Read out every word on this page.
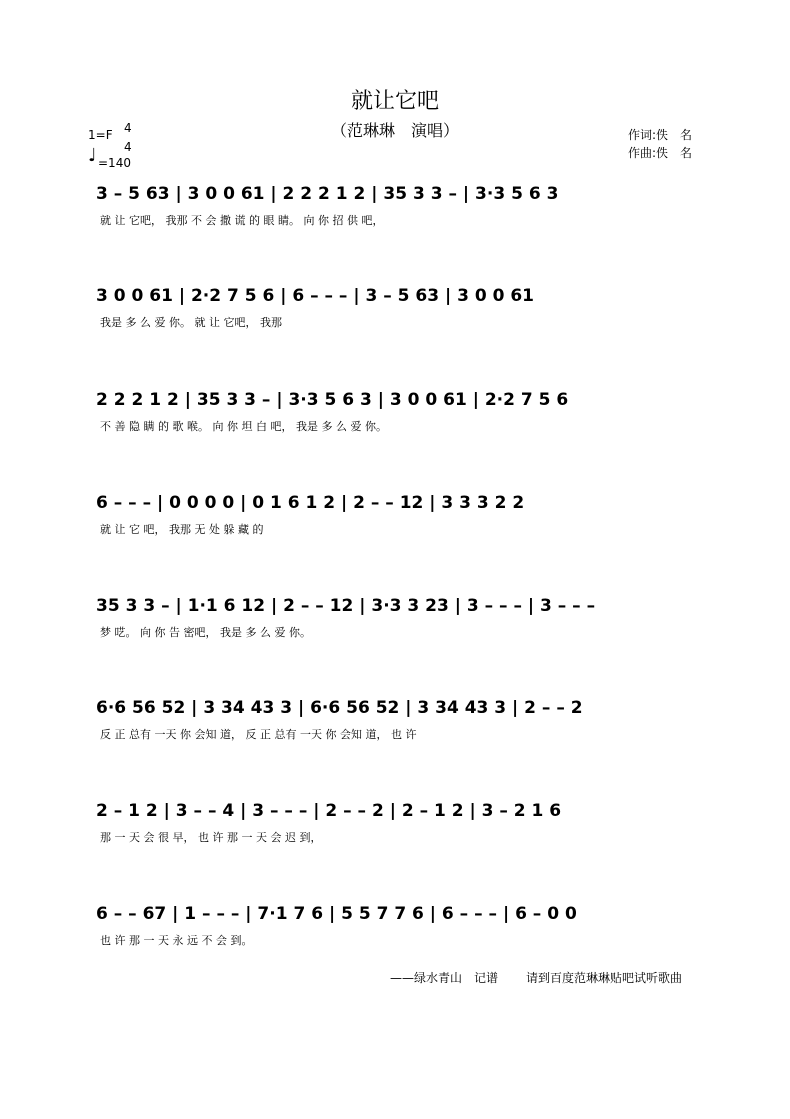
就让它吧
（范琳琳　演唱）
1=F 4
4
♩ =140
作词:佚　名
作曲:佚　名
3 – 5 63 | 3 0 0 61 | 2 2 2 1 2 | 35 3 3 – | 3·3 5 6 3
就 让 它吧， 我那 不 会 撒 谎 的 眼 睛。 向 你 招 供 吧，
3 0 0 61 | 2·2 7 5 6 | 6 – – – | 3 – 5 63 | 3 0 0 61
我是 多 么 爱 你。 就 让 它吧， 我那
2 2 2 1 2 | 35 3 3 – | 3·3 5 6 3 | 3 0 0 61 | 2·2 7 5 6
不 善 隐 瞒 的 歌 喉。 向 你 坦 白 吧， 我是 多 么 爱 你。
6 – – – | 0 0 0 0 | 0 1 6 1 2 | 2 – – 12 | 3 3 3 2 2
就 让 它 吧， 我那 无 处 躲 藏 的
35 3 3 – | 1·1 6 12 | 2 – – 12 | 3·3 3 23 | 3 – – – | 3 – – –
梦 呓。 向 你 告 密吧， 我是 多 么 爱 你。
6·6 56 52 | 3 34 43 3 | 6·6 56 52 | 3 34 43 3 | 2 – – 2
反 正 总有 一天 你 会知 道， 反 正 总有 一天 你 会知 道， 也 许
2 – 1 2 | 3 – – 4 | 3 – – – | 2 – – 2 | 2 – 1 2 | 3 – 2 1 6
那 一 天 会 很 早， 也 许 那 一 天 会 迟 到，
6 – – 67 | 1 – – – | 7·1 7 6 | 5 5 7 7 6 | 6 – – – | 6 – 0 0
也 许 那 一 天 永 远 不 会 到。
——绿水青山　记谱 请到百度范琳琳贴吧试听歌曲
